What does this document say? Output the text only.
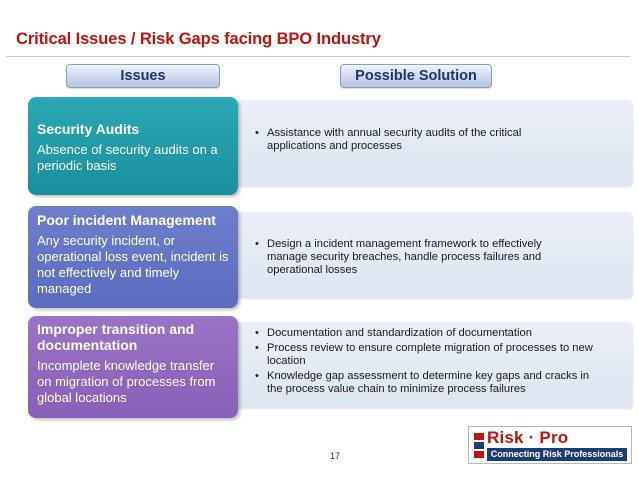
Critical Issues / Risk Gaps facing BPO Industry
Issues	Possible Solution
• Assistance with annual security audits of the critical applications and processes
• Design a incident management framework to effectively manage security breaches, handle process failures and operational losses
• Documentation and standardization of documentation
• Process review to ensure complete migration of processes to new location
• Knowledge gap assessment to determine key gaps and cracks in the process value chain to minimize process failures
Security Audits
Absence of security audits on a periodic basis
Poor incident Management
Any security incident, or operational loss event, incident is not effectively and timely managed
Improper transition and documentation
Incomplete knowledge transfer on migration of processes from global locations
17
Risk · Pro
Connecting Risk Professionals
